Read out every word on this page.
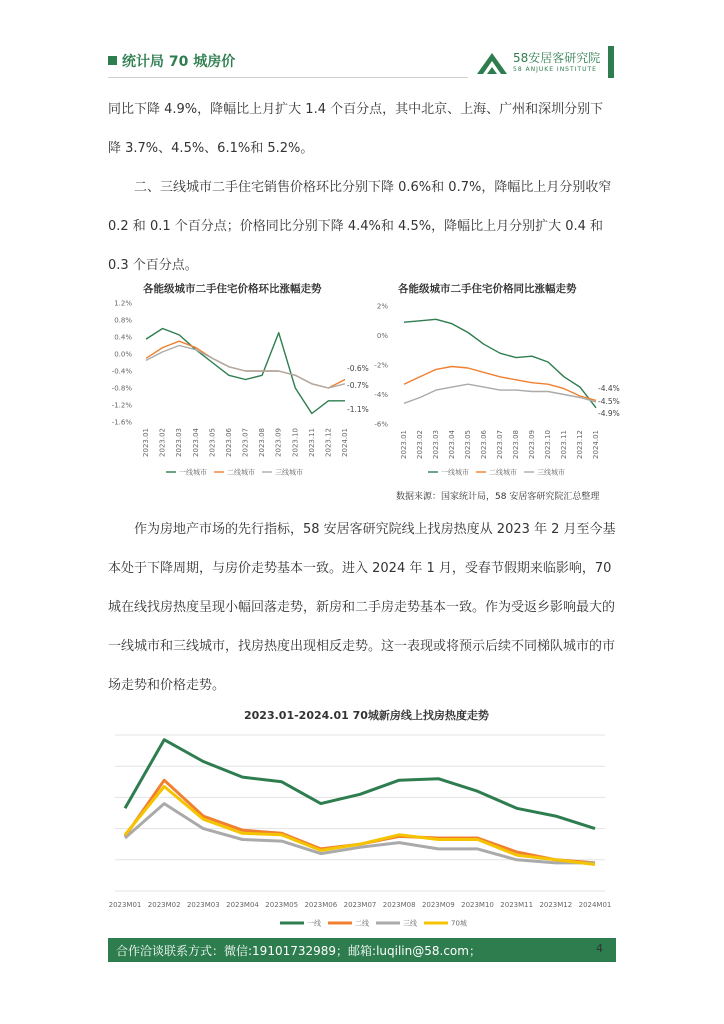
统计局 70 城房价	58安居客研究院
58 ANJUKE INSTITUTE
同比下降 4.9%，降幅比上月扩大 1.4 个百分点，其中北京、上海、广州和深圳分别下降 3.7%、4.5%、6.1%和 5.2%。
二、三线城市二手住宅销售价格环比分别下降 0.6%和 0.7%，降幅比上月分别收窄 0.2 和 0.1 个百分点；价格同比分别下降 4.4%和 4.5%，降幅比上月分别扩大 0.4 和 0.3 个百分点。
各能级城市二手住宅价格环比涨幅走势
1.2%
0.8%
0.4%
0.0%
-0.4%
-0.8%
-1.2%
-1.6%
2023.01 2023.02 2023.03 2023.04 2023.05 2023.06 2023.07 2023.08 2023.09 2023.10 2023.11 2023.12 2024.01
-1.1%
-0.6%
-0.7%
一线城市	二线城市	三线城市
各能级城市二手住宅价格同比涨幅走势
2%
0%
-2%
-4%
-6%
2023.01 2023.02 2023.03 2023.04 2023.05 2023.06 2023.07 2023.08 2023.09 2023.10 2023.11 2023.12 2024.01
-4.9%
-4.4%
-4.5%
一线城市	二线城市	三线城市
数据来源：国家统计局，58 安居客研究院汇总整理
作为房地产市场的先行指标，58 安居客研究院线上找房热度从 2023 年 2 月至今基本处于下降周期，与房价走势基本一致。进入 2024 年 1 月，受春节假期来临影响，70 城在线找房热度呈现小幅回落走势，新房和二手房走势基本一致。作为受返乡影响最大的一线城市和三线城市，找房热度出现相反走势。这一表现或将预示后续不同梯队城市的市场走势和价格走势。
2023.01-2024.01 70城新房线上找房热度走势
2023M01 2023M02 2023M03 2023M04 2023M05 2023M06 2023M07 2023M08 2023M09 2023M10 2023M11 2023M12 2024M01
一线	二线	三线	70城
合作洽谈联系方式：微信:19101732989；邮箱:luqilin@58.com；	4
